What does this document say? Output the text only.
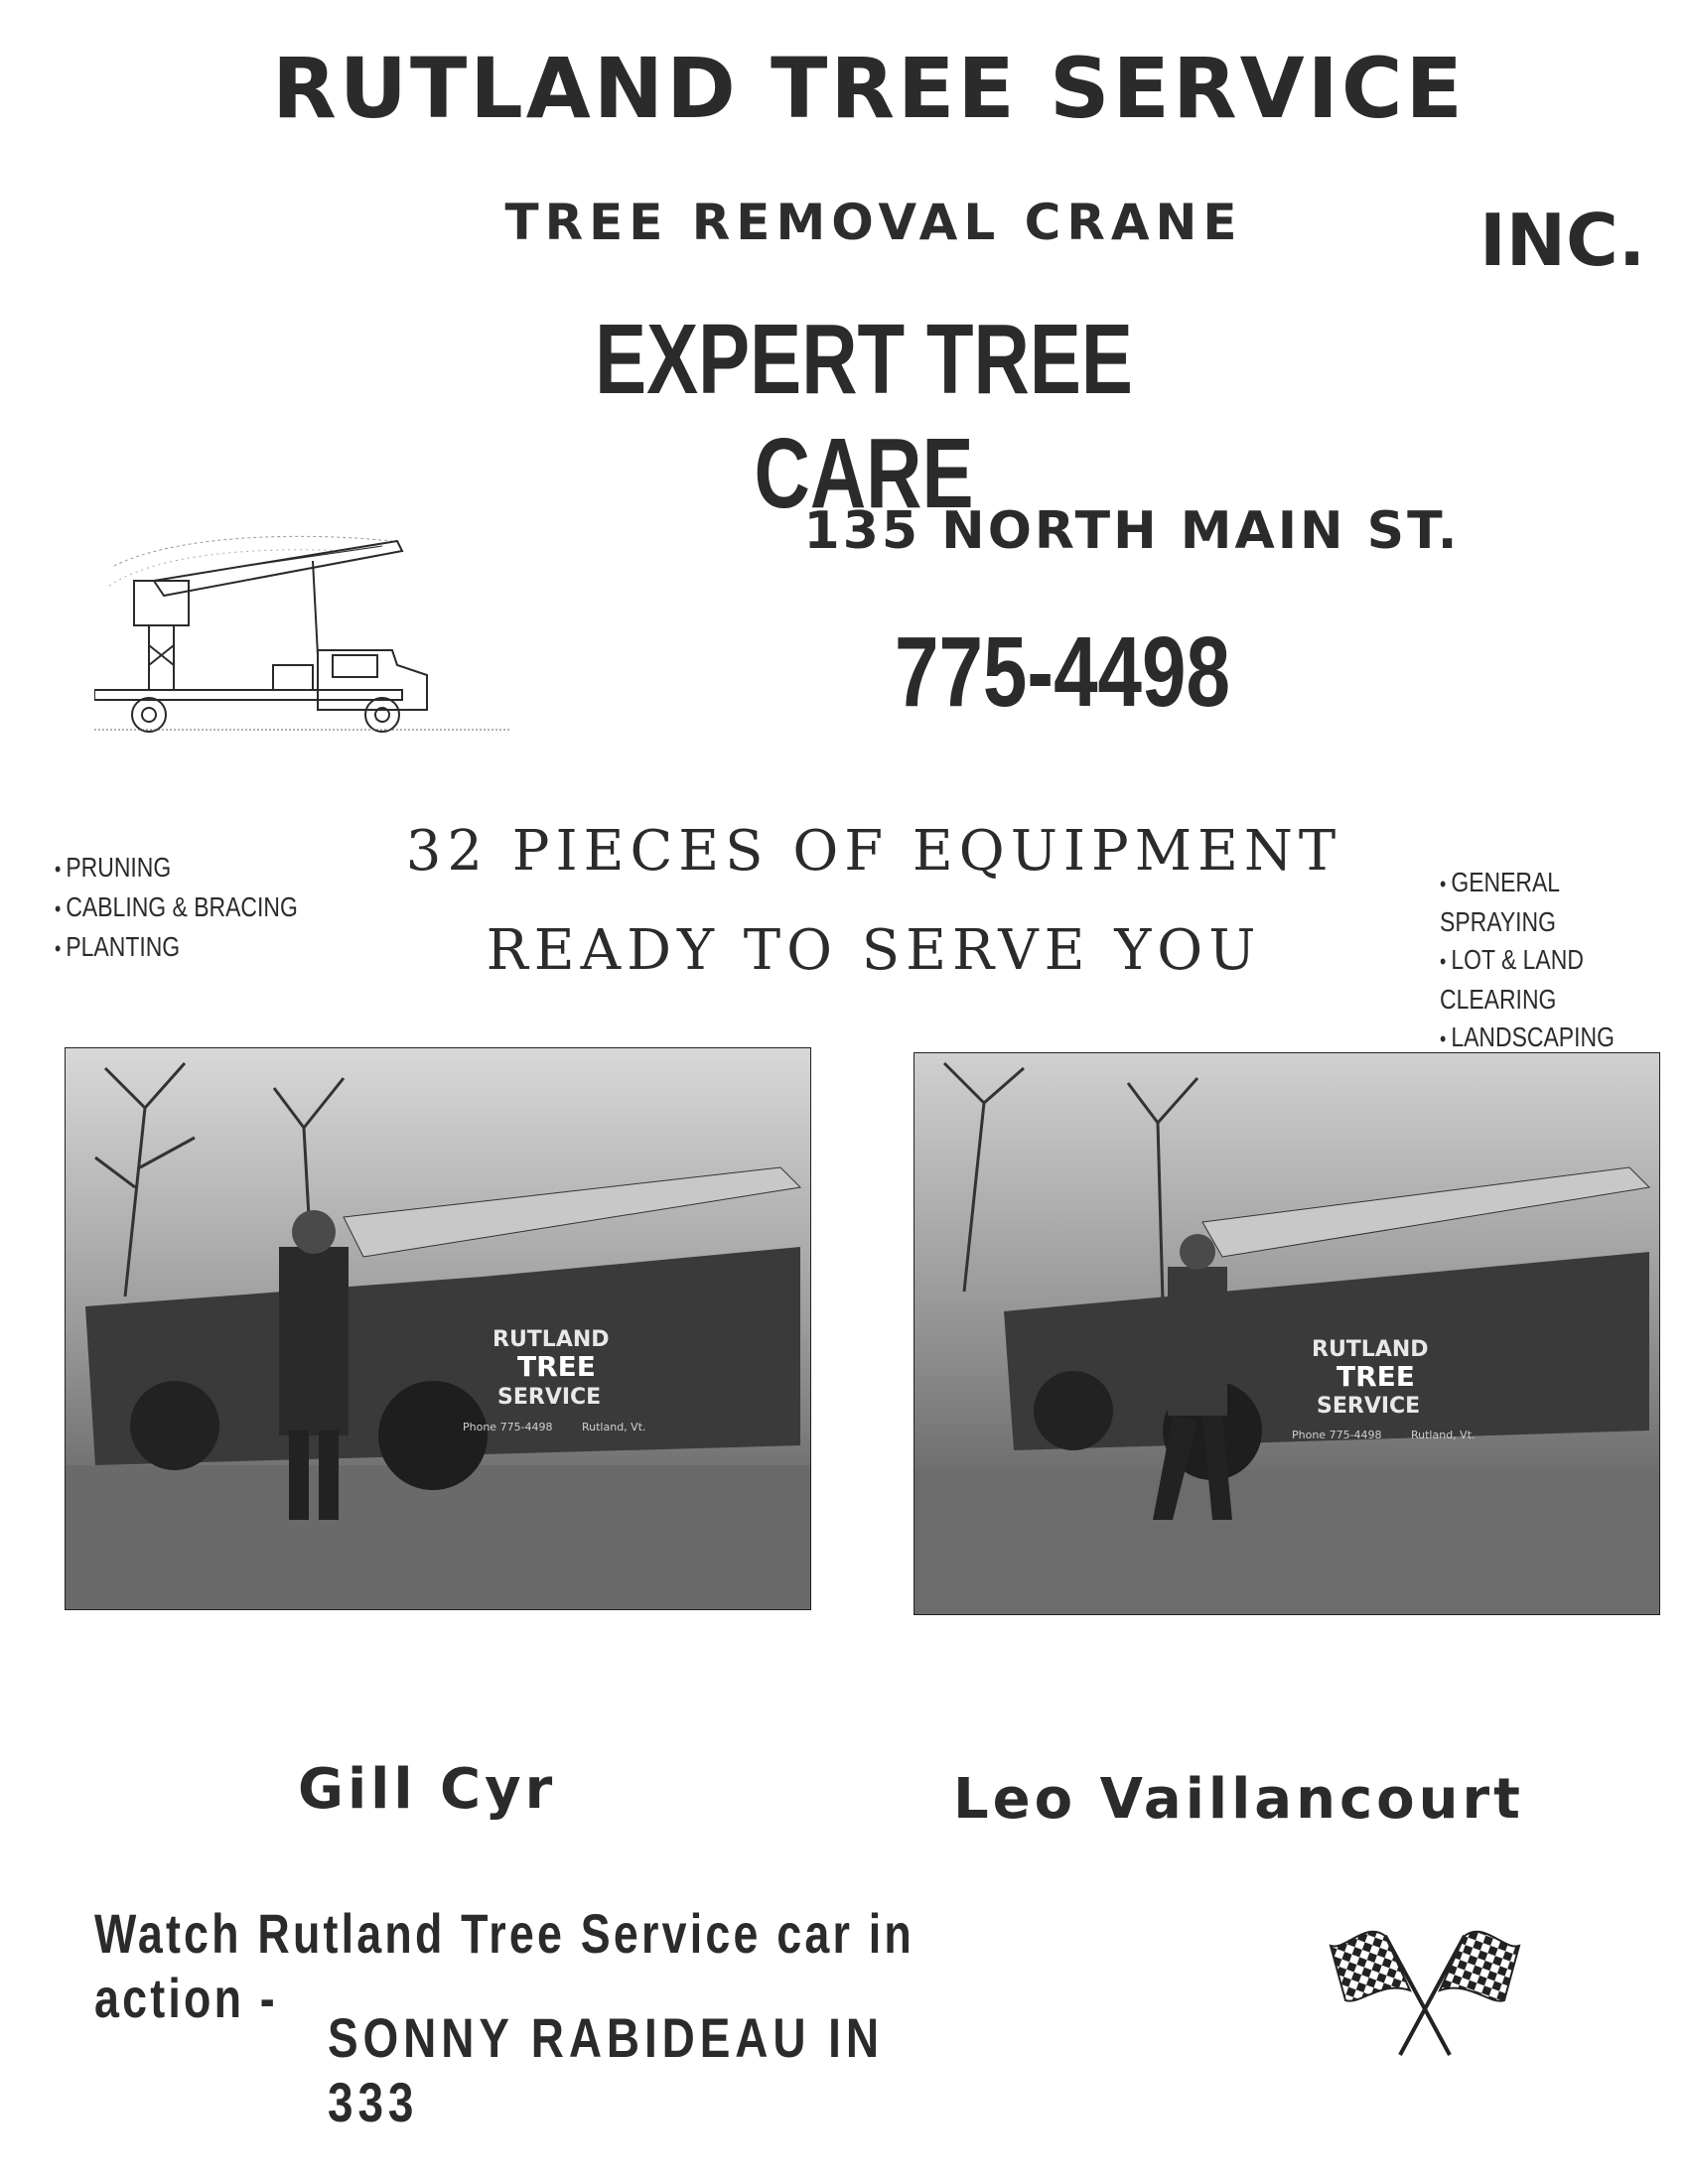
RUTLAND TREE SERVICE
TREE REMOVAL CRANE	INC.
EXPERT TREE CARE
135 NORTH MAIN ST.
775-4498
32 PIECES OF EQUIPMENT
READY TO SERVE YOU
• PRUNING
• CABLING & BRACING
• PLANTING
• GENERAL SPRAYING
• LOT & LAND CLEARING
• LANDSCAPING
RUTLAND
TREE
SERVICE
Phone 775-4498	Rutland, Vt.
RUTLAND
TREE
SERVICE
Phone 775-4498	Rutland, Vt.
Gill Cyr	Leo Vaillancourt
Watch Rutland Tree Service car in action -
SONNY RABIDEAU IN 333
